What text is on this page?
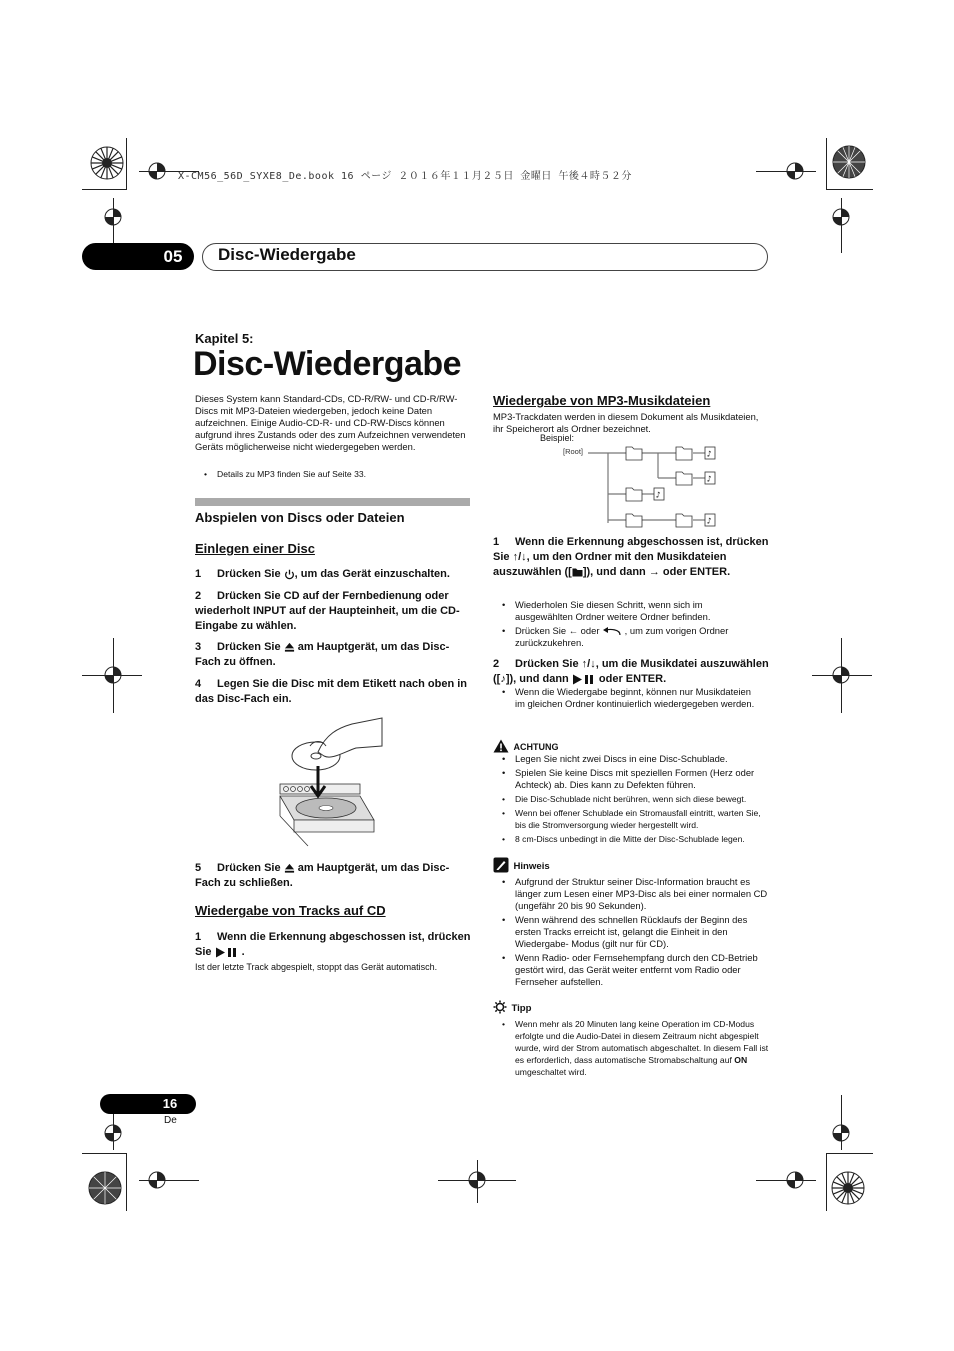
X-CM56_56D_SYXE8_De.book 16 ページ ２０１６年１１月２５日 金曜日 午後４時５２分
05	Disc-Wiedergabe
Kapitel 5:
Disc-Wiedergabe
Dieses System kann Standard-CDs, CD-R/RW- und CD-R/RW-Discs mit MP3-Dateien wiedergeben, jedoch keine Daten aufzeichnen. Einige Audio-CD-R- und CD-RW-Discs können aufgrund ihres Zustands oder des zum Aufzeichnen verwendeten Geräts möglicherweise nicht wiedergegeben werden.
• Details zu MP3 finden Sie auf Seite 33.
Abspielen von Discs oder Dateien
Einlegen einer Disc
1 Drücken Sie , um das Gerät einzuschalten.
2 Drücken Sie CD auf der Fernbedienung oder wiederholt INPUT auf der Haupteinheit, um die CD-Eingabe zu wählen.
3 Drücken Sie am Hauptgerät, um das Disc-Fach zu öffnen.
4 Legen Sie die Disc mit dem Etikett nach oben in das Disc-Fach ein.
5 Drücken Sie am Hauptgerät, um das Disc-Fach zu schließen.
Wiedergabe von Tracks auf CD
1 Wenn die Erkennung abgeschossen ist, drücken Sie	.
Ist der letzte Track abgespielt, stoppt das Gerät automatisch.
Wiedergabe von MP3-Musikdateien
MP3-Trackdaten werden in diesem Dokument als Musikdateien, ihr Speicherort als Ordner bezeichnet.
Beispiel:
[Root]	♪
♪
♪
♪
1 Wenn die Erkennung abgeschossen ist, drücken Sie ↑/↓, um den Ordner mit den Musikdateien auszuwählen ([ ]), und dann → oder ENTER.
• Wiederholen Sie diesen Schritt, wenn sich im ausgewählten Ordner weitere Ordner befinden.
• Drücken Sie ← oder	, um zum vorigen Ordner zurückzukehren.
2 Drücken Sie ↑/↓, um die Musikdatei auszuwählen ([♪]), und dann	oder ENTER.
• Wenn die Wiedergabe beginnt, können nur Musikdateien im gleichen Ordner kontinuierlich wiedergegeben werden.
ACHTUNG
• Legen Sie nicht zwei Discs in eine Disc-Schublade.
• Spielen Sie keine Discs mit speziellen Formen (Herz oder Achteck) ab. Dies kann zu Defekten führen.
• Die Disc-Schublade nicht berühren, wenn sich diese bewegt.
• Wenn bei offener Schublade ein Stromausfall eintritt, warten Sie, bis die Stromversorgung wieder hergestellt wird.
• 8 cm-Discs unbedingt in die Mitte der Disc-Schublade legen.
Hinweis
• Aufgrund der Struktur seiner Disc-Information braucht es länger zum Lesen einer MP3-Disc als bei einer normalen CD (ungefähr 20 bis 90 Sekunden).
• Wenn während des schnellen Rücklaufs der Beginn des ersten Tracks erreicht ist, gelangt die Einheit in den Wiedergabe- Modus (gilt nur für CD).
• Wenn Radio- oder Fernsehempfang durch den CD-Betrieb gestört wird, das Gerät weiter entfernt vom Radio oder Fernseher aufstellen.
Tipp
• Wenn mehr als 20 Minuten lang keine Operation im CD-Modus erfolgte und die Audio-Datei in diesem Zeitraum nicht abgespielt wurde, wird der Strom automatisch abgeschaltet. In diesem Fall ist es erforderlich, dass automatische Stromabschaltung auf ON umgeschaltet wird.
16
De
